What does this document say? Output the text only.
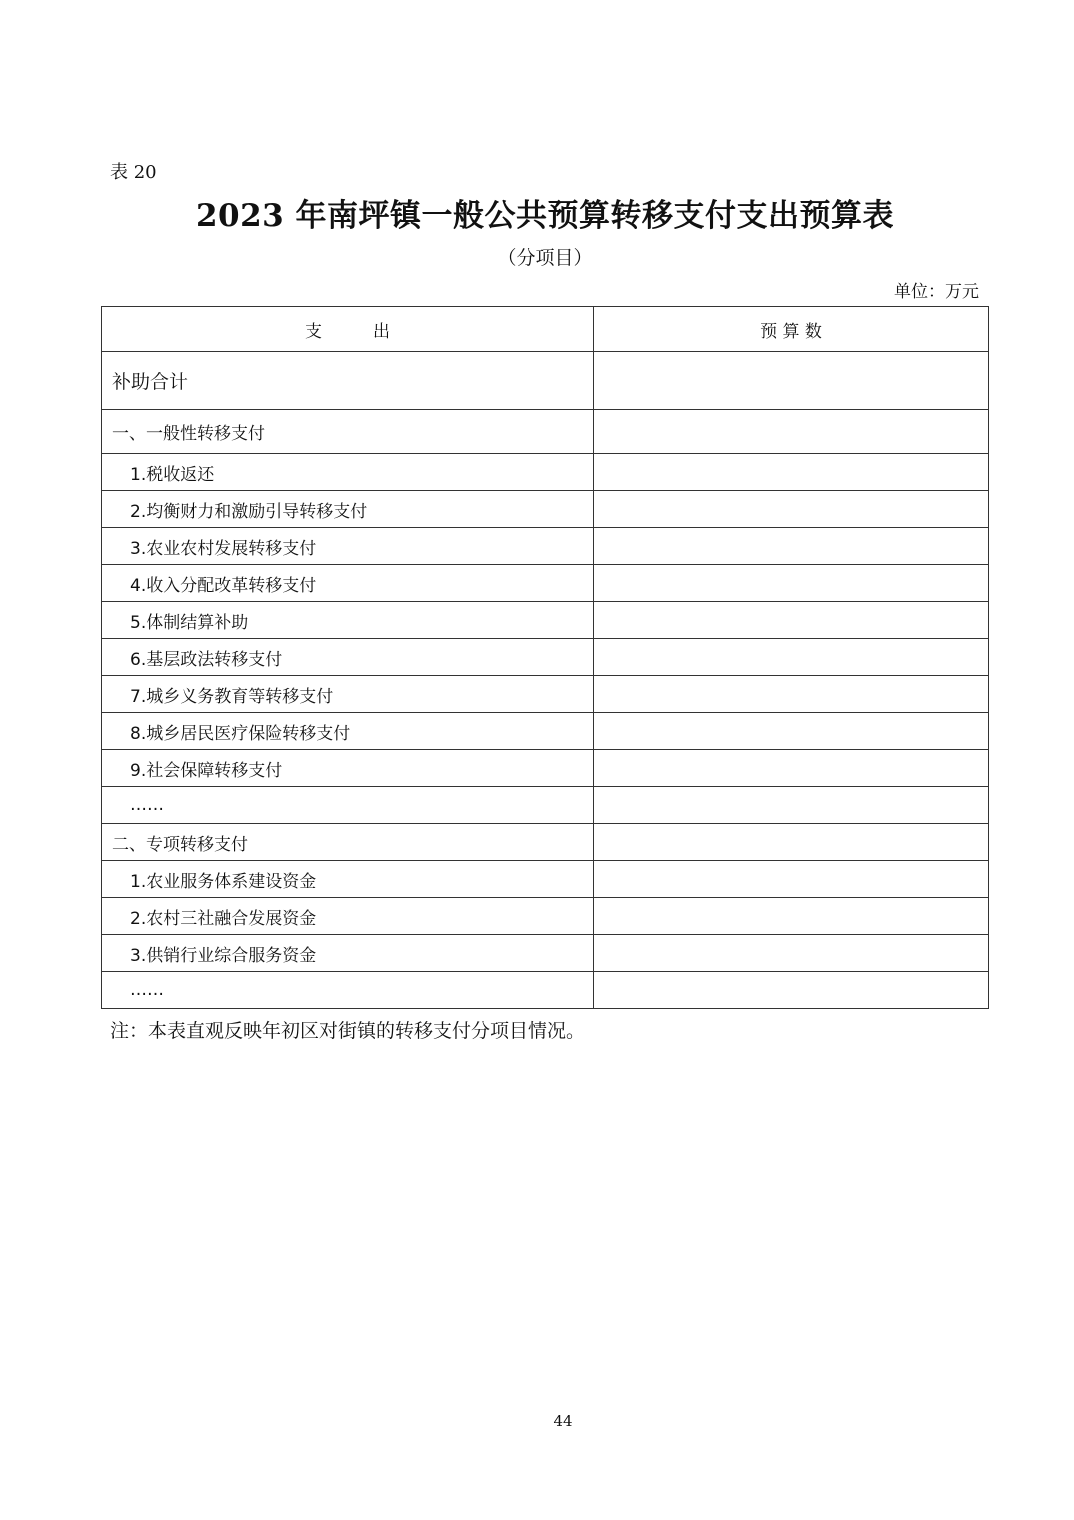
表 20
2023 年南坪镇一般公共预算转移支付支出预算表
（分项目）
单位：万元
支　　　出	预 算 数
补助合计	
一、一般性转移支付	
1.税收返还	
2.均衡财力和激励引导转移支付	
3.农业农村发展转移支付	
4.收入分配改革转移支付	
5.体制结算补助	
6.基层政法转移支付	
7.城乡义务教育等转移支付	
8.城乡居民医疗保险转移支付	
9.社会保障转移支付	
……	
二、专项转移支付	
1.农业服务体系建设资金	
2.农村三社融合发展资金	
3.供销行业综合服务资金	
……	
注：本表直观反映年初区对街镇的转移支付分项目情况。
44
